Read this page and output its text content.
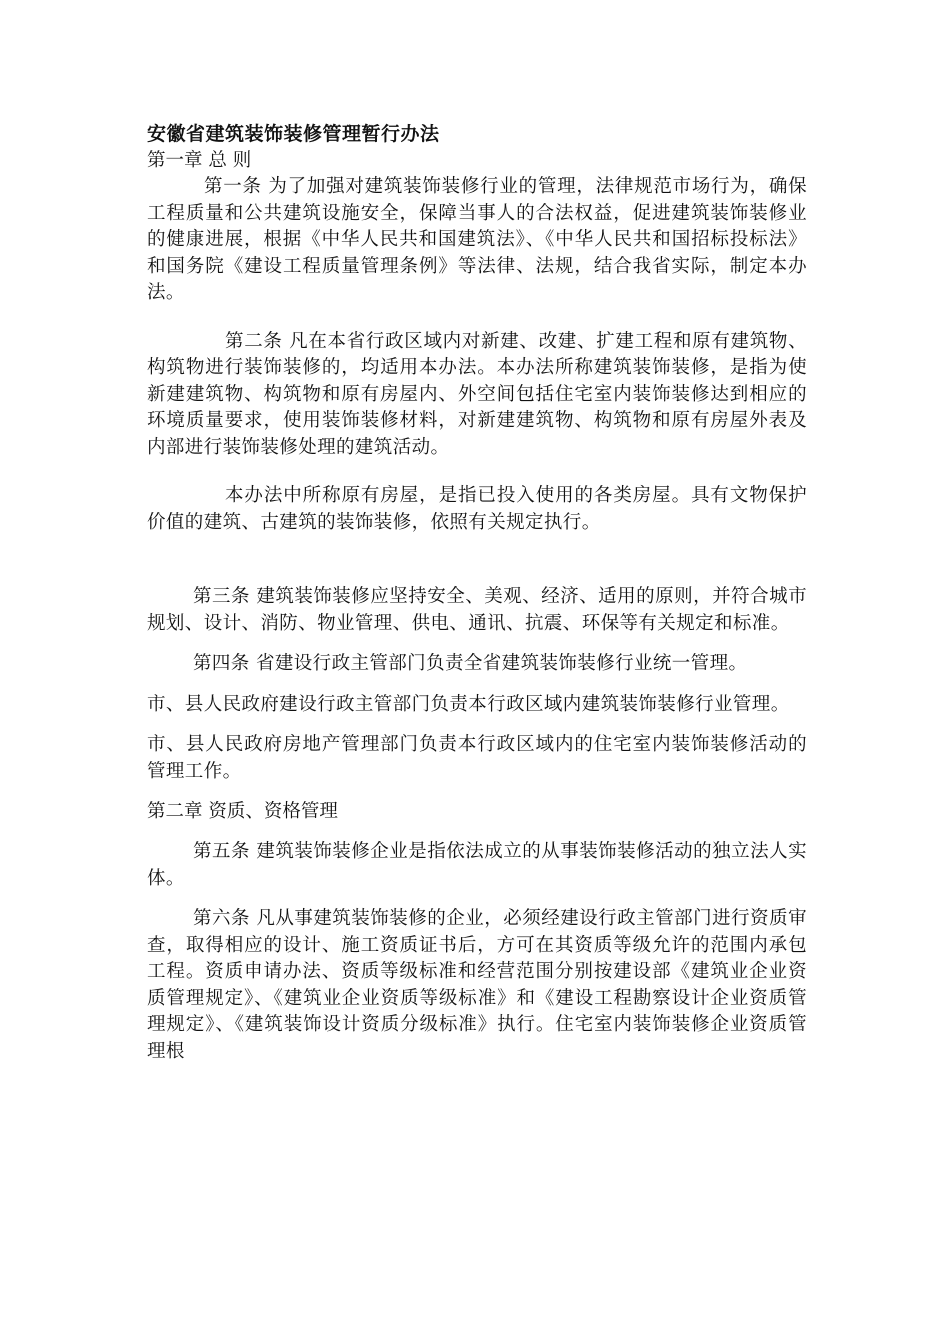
安徽省建筑装饰装修管理暂行办法

第一章 总 则

第一条 为了加强对建筑装饰装修行业的管理，法律规范市场行为，确保工程质量和公共建筑设施安全，保障当事人的合法权益，促进建筑装饰装修业的健康进展，根据《中华人民共和国建筑法》、《中华人民共和国招标投标法》和国务院《建设工程质量管理条例》等法律、法规，结合我省实际，制定本办法。

第二条 凡在本省行政区域内对新建、改建、扩建工程和原有建筑物、构筑物进行装饰装修的，均适用本办法。本办法所称建筑装饰装修，是指为使新建建筑物、构筑物和原有房屋内、外空间包括住宅室内装饰装修达到相应的环境质量要求，使用装饰装修材料，对新建建筑物、构筑物和原有房屋外表及内部进行装饰装修处理的建筑活动。

本办法中所称原有房屋，是指已投入使用的各类房屋。具有文物保护价值的建筑、古建筑的装饰装修，依照有关规定执行。

第三条 建筑装饰装修应坚持安全、美观、经济、适用的原则，并符合城市规划、设计、消防、物业管理、供电、通讯、抗震、环保等有关规定和标准。

第四条 省建设行政主管部门负责全省建筑装饰装修行业统一管理。

市、县人民政府建设行政主管部门负责本行政区域内建筑装饰装修行业管理。

市、县人民政府房地产管理部门负责本行政区域内的住宅室内装饰装修活动的管理工作。

第二章 资质、资格管理

第五条 建筑装饰装修企业是指依法成立的从事装饰装修活动的独立法人实体。

第六条 凡从事建筑装饰装修的企业，必须经建设行政主管部门进行资质审查，取得相应的设计、施工资质证书后，方可在其资质等级允许的范围内承包工程。资质申请办法、资质等级标准和经营范围分别按建设部《建筑业企业资质管理规定》、《建筑业企业资质等级标准》和《建设工程勘察设计企业资质管理规定》、《建筑装饰设计资质分级标准》执行。住宅室内装饰装修企业资质管理根
